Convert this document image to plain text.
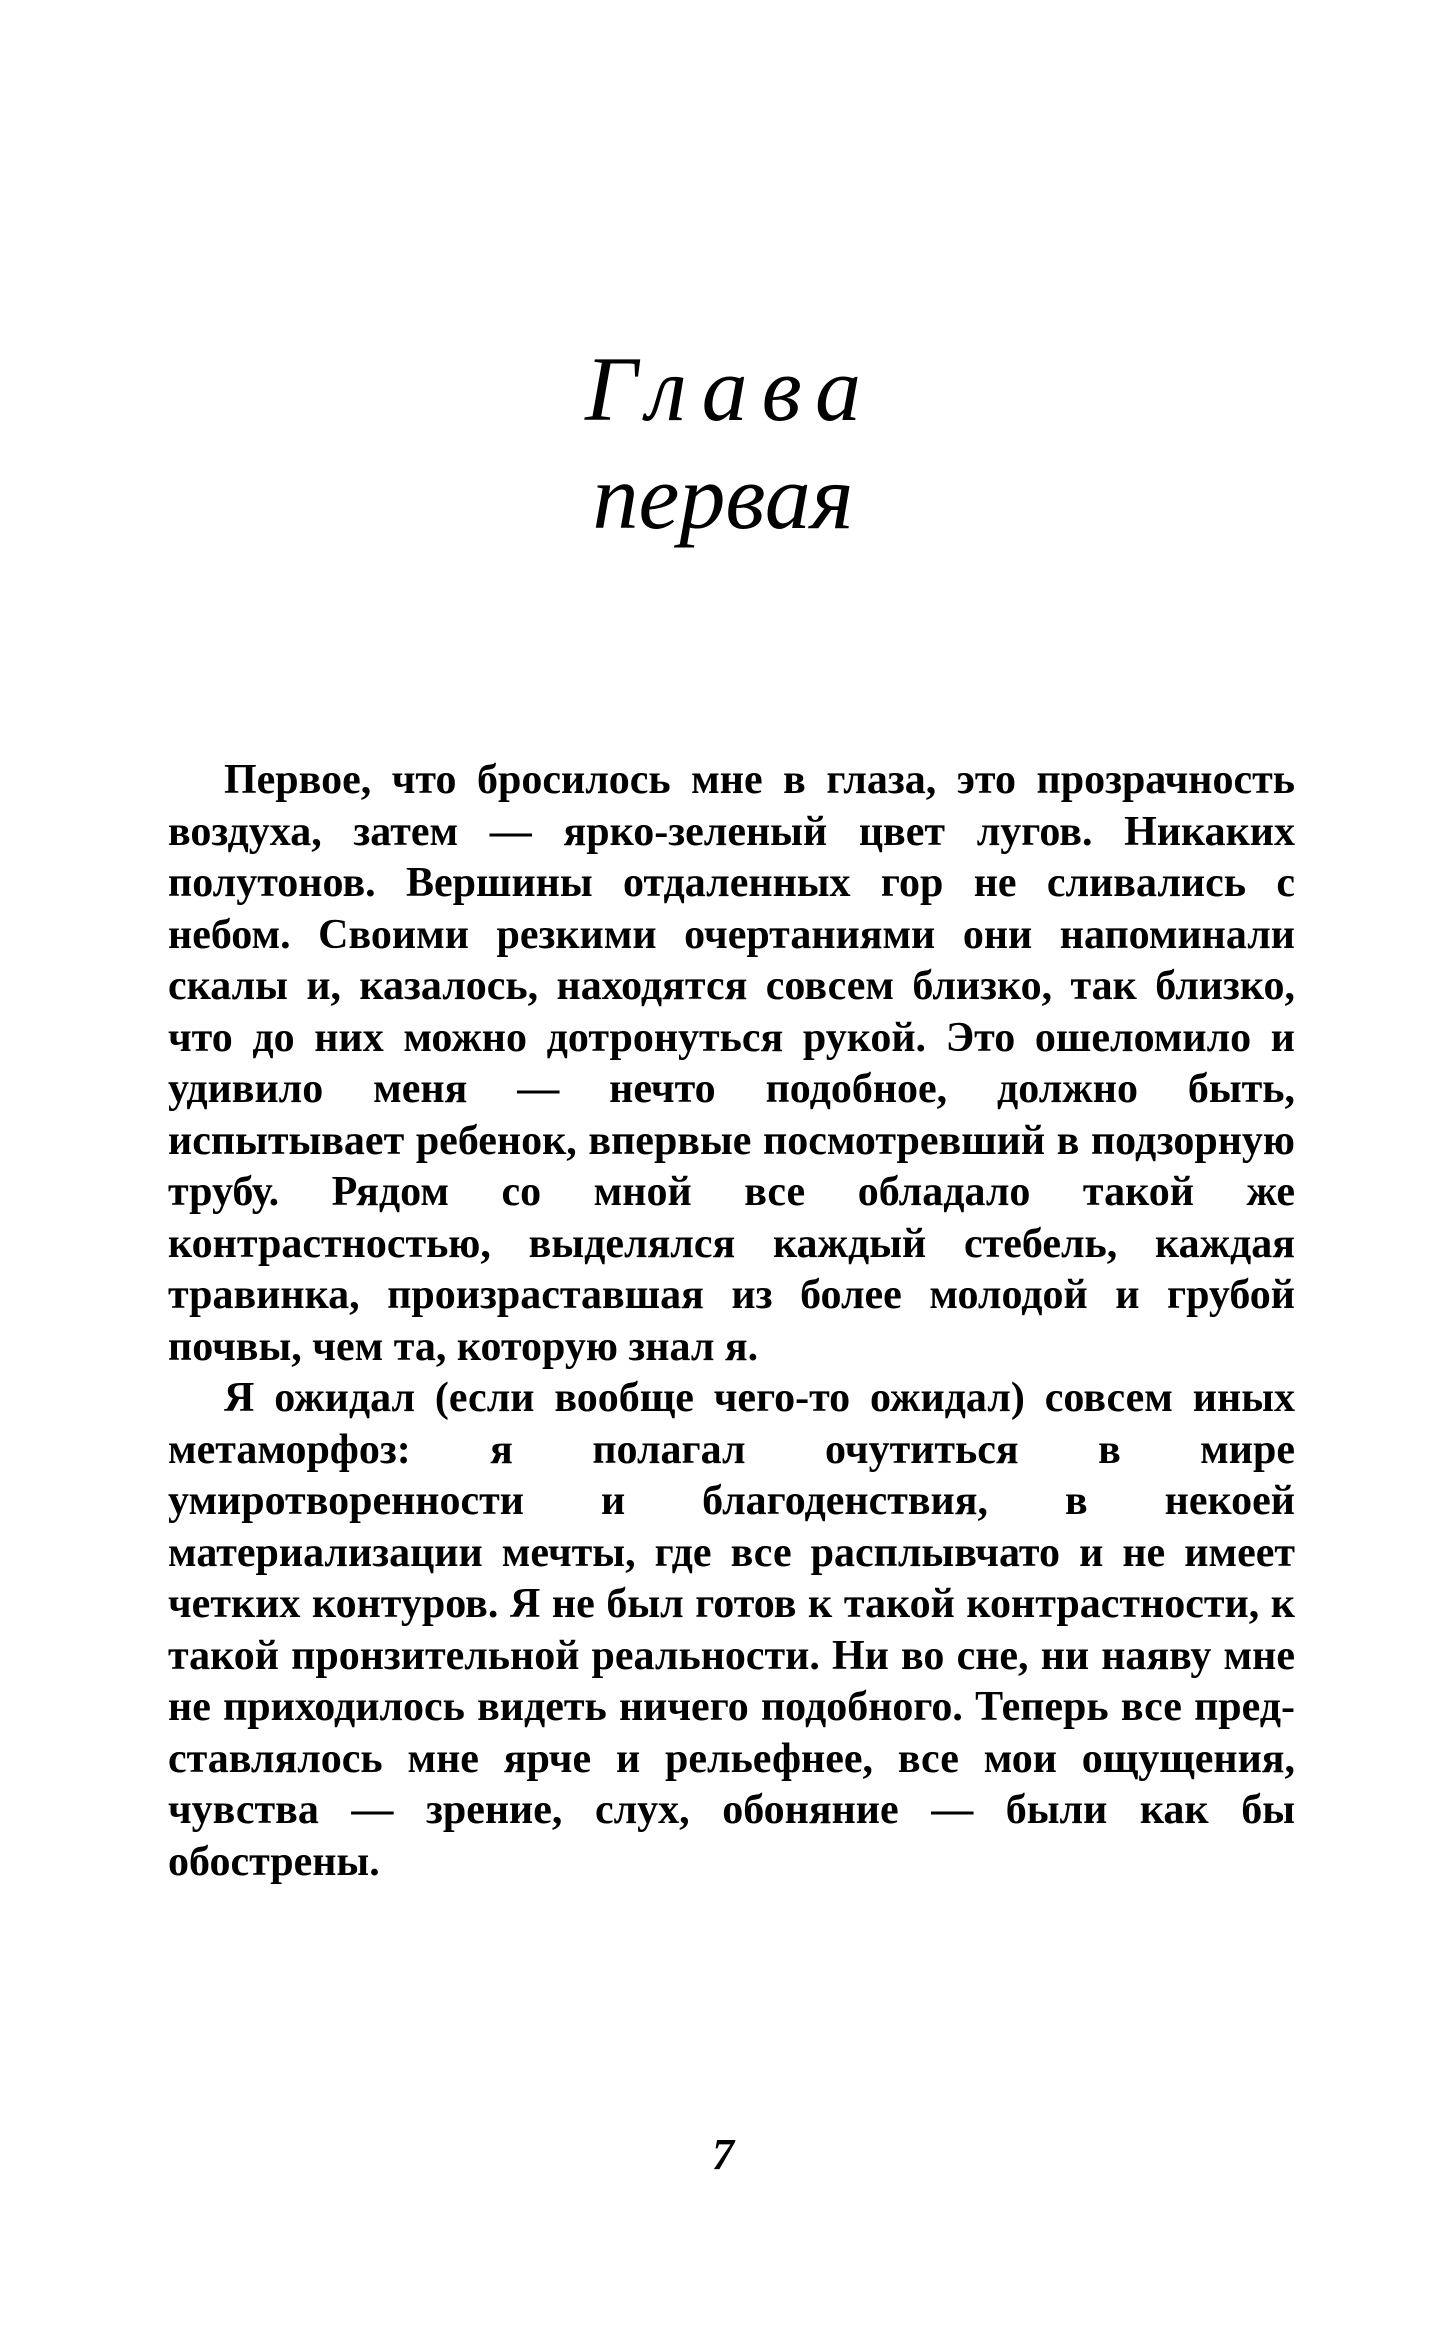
Глава
первая

Первое, что бросилось мне в глаза, это прозрачность воздуха, затем — ярко-зеленый цвет лугов. Никаких полутонов. Вершины отдаленных гор не сливались с небом. Своими резкими очертаниями они напоминали скалы и, казалось, находятся совсем близко, так близко, что до них можно дотронуться рукой. Это ошеломило и удивило меня — нечто подобное, должно быть, испытывает ребенок, впервые посмотревший в подзорную трубу. Рядом со мной все обладало такой же контрастностью, выделялся каждый стебель, каждая травинка, произраставшая из более молодой и грубой почвы, чем та, которую знал я.

Я ожидал (если вообще чего-то ожидал) совсем иных метаморфоз: я полагал очутиться в мире умиротворенности и благоденствия, в некоей материализации мечты, где все расплывчато и не имеет четких контуров. Я не был готов к такой контрастности, к такой пронзительной реальности. Ни во сне, ни наяву мне не приходилось видеть ничего подобного. Теперь все представлялось мне ярче и рельефнее, все мои ощущения, чувства — зрение, слух, обоняние — были как бы обострены.

7
